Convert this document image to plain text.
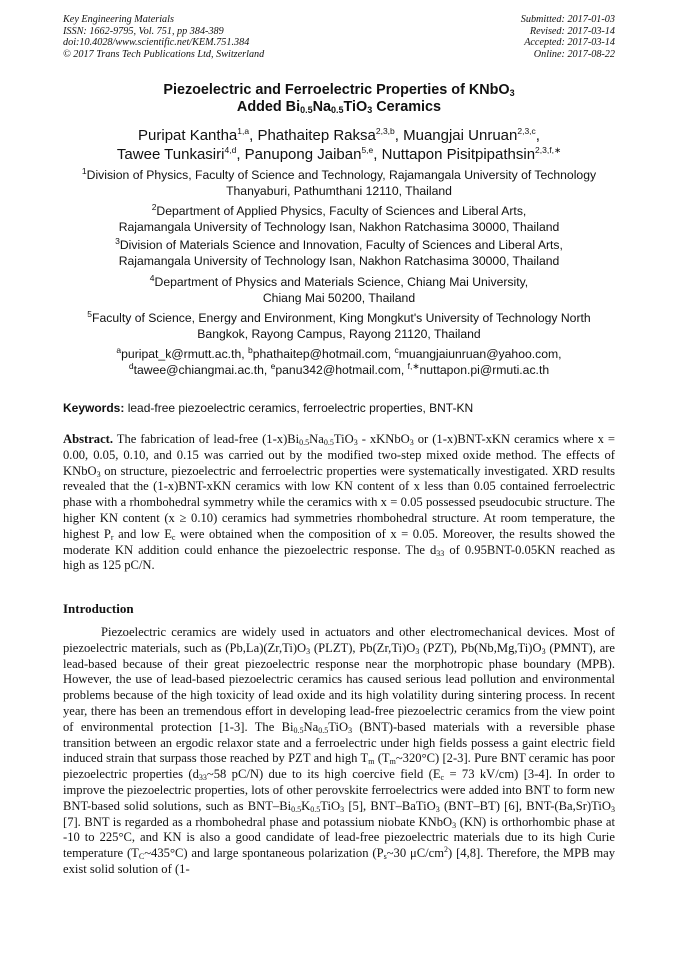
Key Engineering Materials
ISSN: 1662-9795, Vol. 751, pp 384-389
doi:10.4028/www.scientific.net/KEM.751.384
© 2017 Trans Tech Publications Ltd, Switzerland
Submitted: 2017-01-03
Revised: 2017-03-14
Accepted: 2017-03-14
Online: 2017-08-22
Piezoelectric and Ferroelectric Properties of KNbO$_3$
Added $Bi_{0.5}Na_{0.5}TiO_3$ Ceramics
Puripat Kantha$^{1,a}$, Phathaitep Raksa$^{2,3,b}$, Muangjai Unruan$^{2,3,c}$,
Tawee Tunkasiri$^{4,d}$, Panupong Jaiban$^{5,e}$, Nuttapon Pisitpipathsin$^{2,3,f,∗}$
$^1$Division of Physics, Faculty of Science and Technology, Rajamangala University of Technology
Thanyaburi, Pathumthani 12110, Thailand
$^2$Department of Applied Physics, Faculty of Sciences and Liberal Arts,
Rajamangala University of Technology Isan, Nakhon Ratchasima 30000, Thailand
$^3$Division of Materials Science and Innovation, Faculty of Sciences and Liberal Arts,
Rajamangala University of Technology Isan, Nakhon Ratchasima 30000, Thailand
$^4$Department of Physics and Materials Science, Chiang Mai University,
Chiang Mai 50200, Thailand
$^5$Faculty of Science, Energy and Environment, King Mongkut's University of Technology North
Bangkok, Rayong Campus, Rayong 21120, Thailand
$^a$puripat_k@rmutt.ac.th, $^b$phathaitep@hotmail.com, $^c$muangjaiunruan@yahoo.com,
$^d$tawee@chiangmai.ac.th, $^e$panu342@hotmail.com, $^{f,∗}$nuttapon.pi@rmuti.ac.th
Keywords: lead-free piezoelectric ceramics, ferroelectric properties, BNT-KN

Abstract. The fabrication of lead-free $(1-x)Bi_{0.5}Na_{0.5}TiO_3$ - xKNbO$_3$ or (1-x)BNT-xKN ceramics where x = 0.00, 0.05, 0.10, and 0.15 was carried out by the modified two-step mixed oxide method. The effects of KNbO$_3$ on structure, piezoelectric and ferroelectric properties were systematically investigated. XRD results revealed that the (1-x)BNT-xKN ceramics with low KN content of x less than 0.05 contained ferroelectric phase with a rhombohedral symmetry while the ceramics with x = 0.05 possessed pseudocubic structure. The higher KN content (x ≥ 0.10) ceramics had symmetries rhombohedral structure. At room temperature, the highest $P_r$ and low $E_c$ were obtained when the composition of x = 0.05. Moreover, the results showed the moderate KN addition could enhance the piezoelectric response. The $d_{33}$ of 0.95BNT-0.05KN reached as high as 125 pC/N.

Introduction

Piezoelectric ceramics are widely used in actuators and other electromechanical devices. Most of piezoelectric materials, such as $(Pb,La)(Zr,Ti)O_3$ (PLZT), $Pb(Zr,Ti)O_3$ (PZT), $Pb(Nb,Mg,Ti)O_3$ (PMNT), are lead-based because of their great piezoelectric response near the morphotropic phase boundary (MPB). However, the use of lead-based piezoelectric ceramics has caused serious lead pollution and environmental problems because of the high toxicity of lead oxide and its high volatility during sintering process. In recent year, there has been an tremendous effort in developing lead-free piezoelectric ceramics from the view point of environmental protection [1-3]. The $Bi_{0.5}Na_{0.5}TiO_3$ (BNT)-based materials with a reversible phase transition between an ergodic relaxor state and a ferroelectric under high fields possess a gaint electric field induced strain that surpass those reached by PZT and high $T_m$ $(T_m\sim 320^\circ C)$ [2-3]. Pure BNT ceramic has poor piezoelectric properties ($d_{33}\sim 58$ pC/N) due to its high coercive field ($E_c = 73$ kV/cm) [3-4]. In order to improve the piezoelectric properties, lots of other perovskite ferroelectrics were added into BNT to form new BNT-based solid solutions, such as BNT–$Bi_{0.5}K_{0.5}TiO_3$ [5], BNT–BaTiO$_3$ (BNT–BT) [6], BNT-(Ba,Sr)TiO$_3$ [7]. BNT is regarded as a rhombohedral phase and potassium niobate KNbO$_3$ (KN) is orthorhombic phase at -10 to 225°C, and KN is also a good candidate of lead-free piezoelectric materials due to its high Curie temperature $(T_C\sim 435^\circ C)$ and large spontaneous polarization ($P_s\sim 30$ $\mu C/cm^2$) [4,8]. Therefore, the MPB may exist solid solution of (1-
